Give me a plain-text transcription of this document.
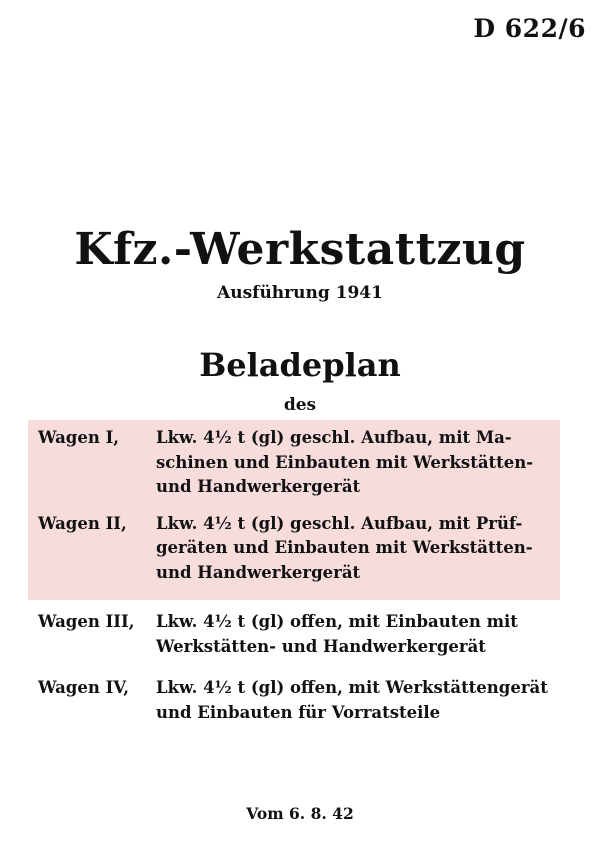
D 622/6
Kfz.-Werkstattzug
Ausführung 1941
Beladeplan
des
Wagen I,	Lkw. 4½ t (gl) geschl. Aufbau, mit Ma-
schinen und Einbauten mit Werkstätten-
und Handwerkergerät
Wagen II,	Lkw. 4½ t (gl) geschl. Aufbau, mit Prüf-
geräten und Einbauten mit Werkstätten-
und Handwerkergerät
Wagen III,	Lkw. 4½ t (gl) offen, mit Einbauten mit
Werkstätten- und Handwerkergerät
Wagen IV,	Lkw. 4½ t (gl) offen, mit Werkstättengerät
und Einbauten für Vorratsteile
Vom 6. 8. 42
